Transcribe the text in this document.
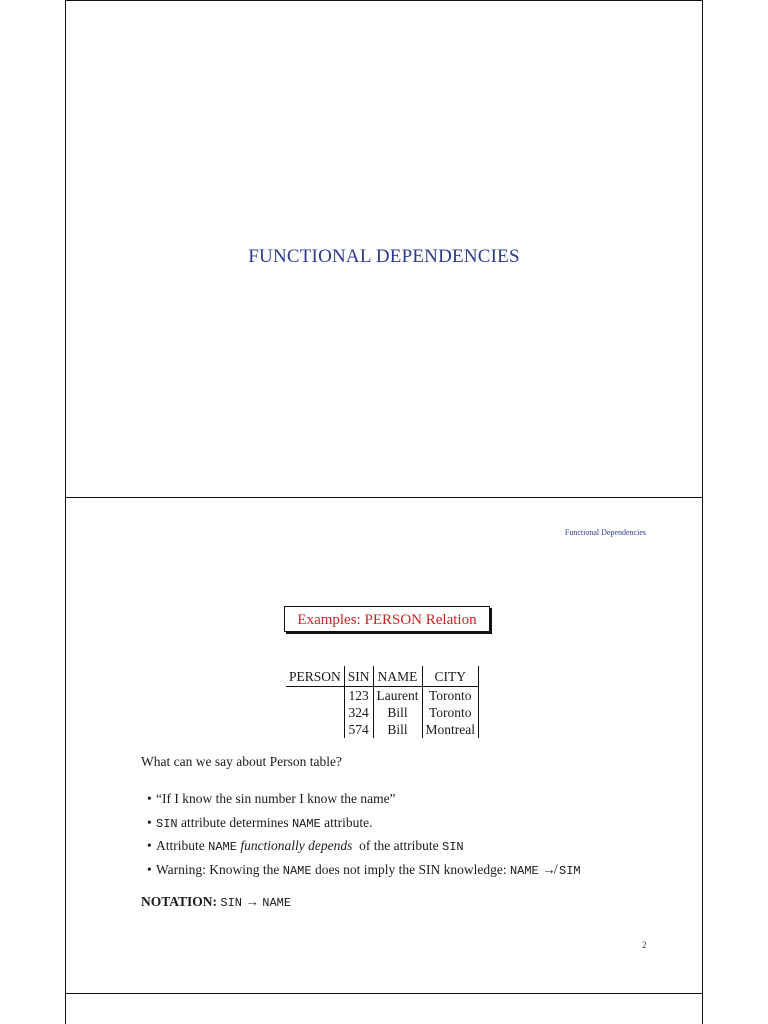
FUNCTIONAL DEPENDENCIES
Functional Dependencies
Examples: PERSON Relation
PERSON	SIN	NAME	CITY
	123	Laurent	Toronto
	324	Bill	Toronto
	574	Bill	Montreal
What can we say about Person table?
• “If I know the sin number I know the name”
• SIN attribute determines NAME attribute.
• Attribute NAME functionally depends  of the attribute SIN
• Warning: Knowing the NAME does not imply the SIN knowledge: NAME ↛ SIM
NOTATION: SIN → NAME
2
